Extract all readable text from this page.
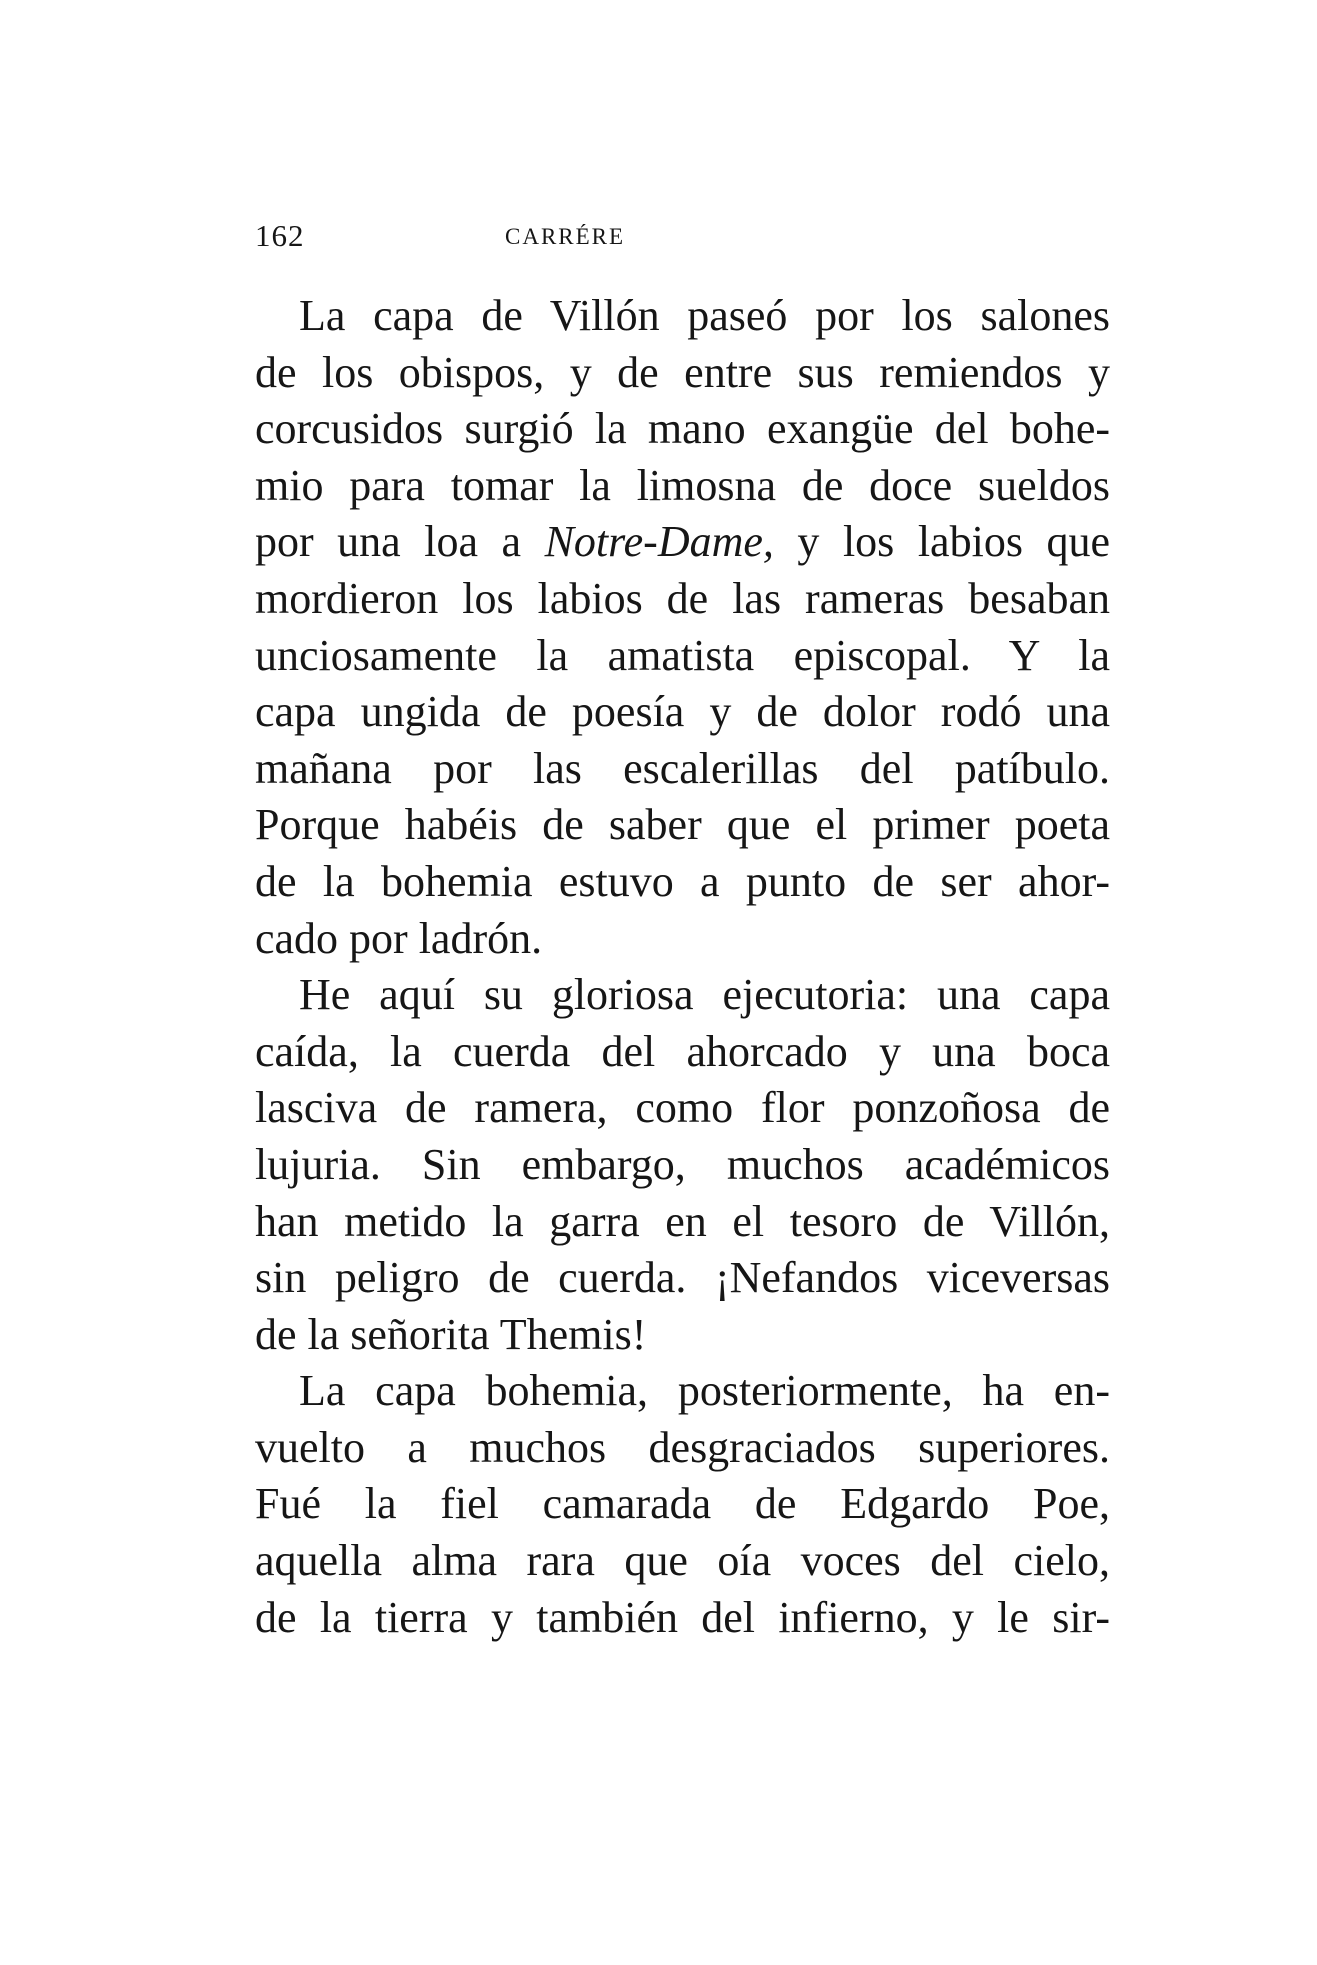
162	CARRÉRE

La capa de Villón paseó por los salones
de los obispos, y de entre sus remiendos y
corcusidos surgió la mano exangüe del bohe-
mio para tomar la limosna de doce sueldos
por una loa a Notre-Dame, y los labios que
mordieron los labios de las rameras besaban
unciosamente la amatista episcopal. Y la
capa ungida de poesía y de dolor rodó una
mañana por las escalerillas del patíbulo.
Porque habéis de saber que el primer poeta
de la bohemia estuvo a punto de ser ahor-
cado por ladrón.

He aquí su gloriosa ejecutoria: una capa
caída, la cuerda del ahorcado y una boca
lasciva de ramera, como flor ponzoñosa de
lujuria. Sin embargo, muchos académicos
han metido la garra en el tesoro de Villón,
sin peligro de cuerda. ¡Nefandos viceversas
de la señorita Themis!

La capa bohemia, posteriormente, ha en-
vuelto a muchos desgraciados superiores.
Fué la fiel camarada de Edgardo Poe,
aquella alma rara que oía voces del cielo,
de la tierra y también del infierno, y le sir-
